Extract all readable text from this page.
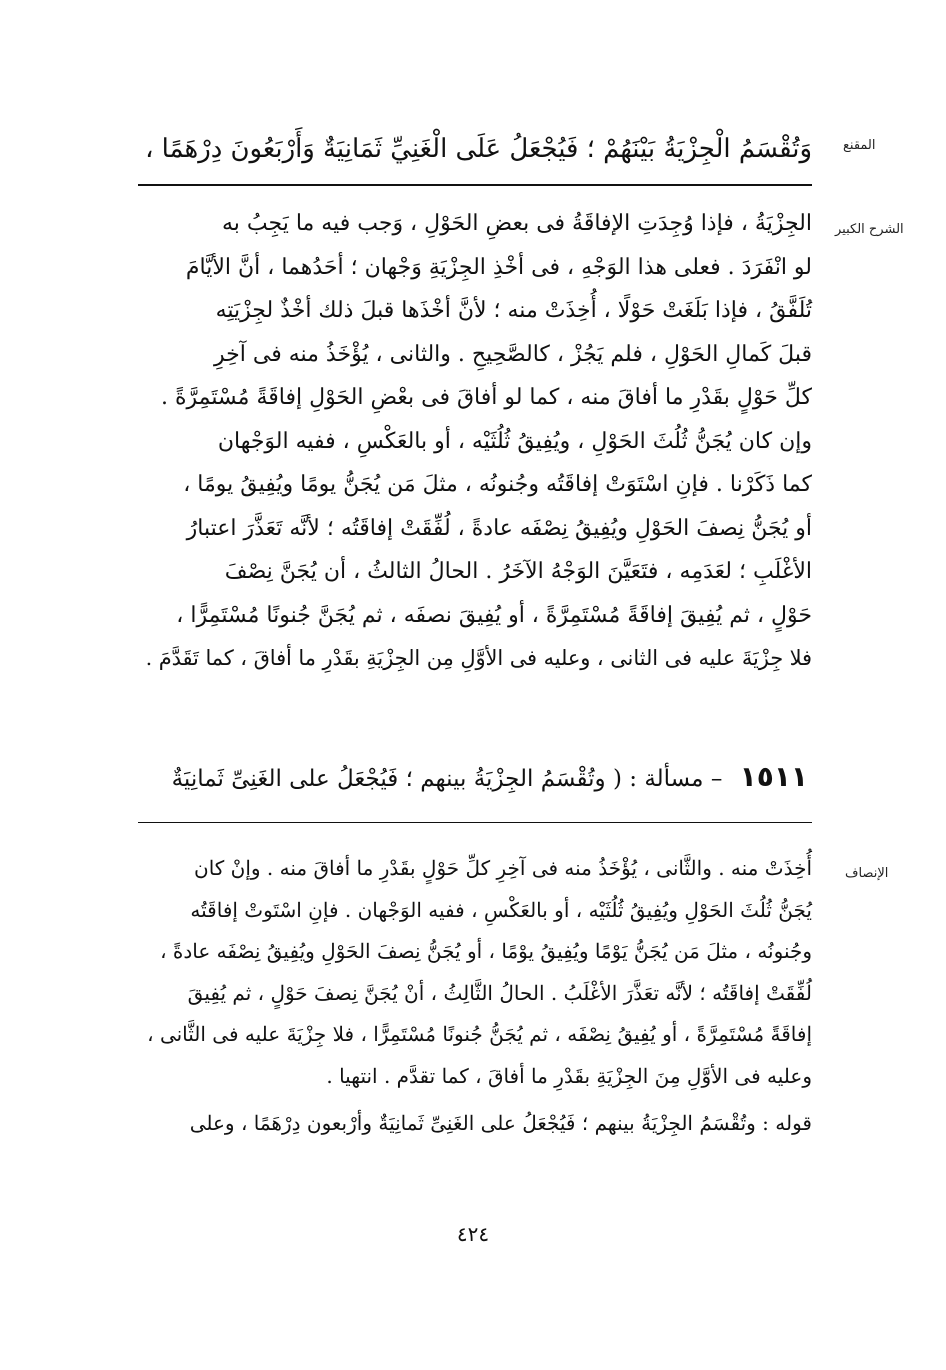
المقنع
وَتُقْسَمُ الْجِزْيَةُ بَيْنَهُمْ ؛ فَيُجْعَلُ عَلَى الْغَنِيِّ ثَمَانِيَةٌ وَأَرْبَعُونَ دِرْهَمًا ،
الشرح الكبير
الجِزْيَةُ ، فإذا وُجِدَتِ الإفاقَةُ فى بعضِ الحَوْلِ ، وَجب فيه ما يَجِبُ به
لو انْفَرَدَ . فعلى هذا الوَجْهِ ، فى أخْذِ الجِزْيَةِ وَجْهان ؛ أحَدُهما ، أنَّ الأيَّامَ
تُلَفَّقُ ، فإذا بَلَغَتْ حَوْلًا ، أُخِذَتْ منه ؛ لأنَّ أخْذَها قبلَ ذلك أخْذٌ لجِزْيَتِه
قبلَ كَمالِ الحَوْلِ ، فلم يَجُزْ ، كالصَّحِيحِ . والثانى ، يُؤْخَذُ منه فى آخِرِ
كلِّ حَوْلٍ بقَدْرِ ما أفاقَ منه ، كما لو أفاقَ فى بعْضِ الحَوْلِ إفاقَةً مُسْتَمِرَّةً .
وإن كان يُجَنُّ ثُلُثَ الحَوْلِ ، ويُفِيقُ ثُلُثَيْه ، أو بالعَكْسِ ، ففيه الوَجْهان
كما ذَكَرْنا . فإنِ اسْتَوَتْ إفاقَتُه وجُنونُه ، مثلَ مَن يُجَنُّ يومًا ويُفِيقُ يومًا ،
أو يُجَنُّ نِصفَ الحَوْلِ ويُفِيقُ نِصْفَه عادةً ، لُفِّقَتْ إفاقَتُه ؛ لأنَّه تَعَذَّرَ اعتبارُ
الأغْلَبِ ؛ لعَدَمِه ، فتَعَيَّنَ الوَجْهُ الآخَرُ . الحالُ الثالثُ ، أن يُجَنَّ نِصْفَ
حَوْلٍ ، ثم يُفِيقَ إفاقَةً مُسْتَمِرَّةً ، أو يُفِيقَ نصفَه ، ثم يُجَنَّ جُنونًا مُسْتَمِرًّا ،
فلا جِزْيَةَ عليه فى الثانى ، وعليه فى الأوَّلِ مِن الجِزْيَةِ بقَدْرِ ما أفاقَ ، كما تَقَدَّمَ .
١٥١١ – مسألة : ( وتُقْسَمُ الجِزْيَةُ بينهم ؛ فَيُجْعَلُ على الغَنِىِّ ثَمانِيَةٌ
الإنصاف
أُخِذَتْ منه . والثَّانى ، يُؤْخَذُ منه فى آخِرِ كلِّ حَوْلٍ بقَدْرِ ما أفاقَ منه . وإنْ كان
يُجَنُّ ثُلُثَ الحَوْلِ ويُفِيقُ ثُلُثَيْه ، أو بالعَكْسِ ، ففيه الوَجْهان . فإنِ اسْتَوتْ إفاقَتُه
وجُنونُه ، مثلَ مَن يُجَنُّ يَوْمًا ويُفِيقُ يوْمًا ، أو يُجَنُّ نِصفَ الحَوْلِ ويُفِيقُ نِصْفَه عادةً ،
لُفِّقَتْ إفاقَتُه ؛ لأنَّه تعَذَّرَ الأغْلَبُ . الحالُ الثَّالِثُ ، أنْ يُجَنَّ نِصفَ حَوْلٍ ، ثم يُفِيقَ
إفاقَةً مُسْتَمِرَّةً ، أو يُفِيقُ نِصْفَه ، ثم يُجَنُّ جُنونًا مُسْتَمِرًّا ، فلا جِزْيَةَ عليه فى الثَّانى ،
وعليه فى الأوَّلِ مِنَ الجِزْيَةِ بقَدْرِ ما أفاقَ ، كما تقدَّم . انتهيا .
قوله : وتُقْسَمُ الجِزْيَةُ بينهم ؛ فَيُجْعَلُ على الغَنِىِّ ثَمانِيَةٌ وأرْبعون دِرْهَمًا ، وعلى
٤٢٤
